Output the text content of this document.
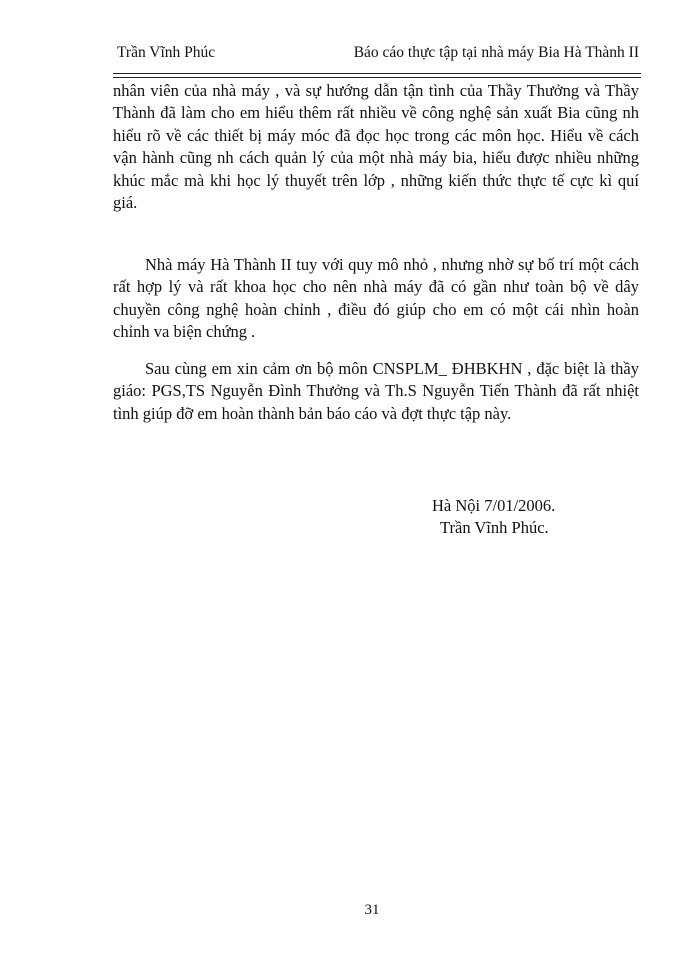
Trần Vĩnh Phúc	Báo cáo thực tập tại nhà máy Bia Hà Thành II

nhân viên của nhà máy , và sự hướng dẫn tận tình của Thầy Thưởng và Thầy Thành đã làm cho em hiểu thêm rất nhiều về công nghệ sản xuất Bia cũng nh hiểu rõ về các thiết bị máy móc đã đọc học trong các môn học. Hiểu về cách vận hành cũng nh cách quản lý của một nhà máy bia, hiểu được nhiều những khúc mắc mà khi học lý thuyết trên lớp , những kiến thức thực tế cực kì quí giá.

Nhà máy Hà Thành II tuy với quy mô nhỏ , nhưng nhờ sự bố trí một cách rất hợp lý và rất khoa học cho nên nhà máy đã có gần như toàn bộ về dây chuyền công nghệ hoàn chỉnh , điều đó giúp cho em có một cái nhìn hoàn chỉnh va biện chứng .

Sau cùng em xin cảm ơn bộ môn CNSPLM_ ĐHBKHN , đặc biệt là thầy giáo: PGS,TS Nguyễn Đình Thưởng và Th.S Nguyễn Tiến Thành đã rất nhiệt tình giúp đỡ em hoàn thành bản báo cáo và đợt thực tập này.

Hà Nội 7/01/2006.
Trần Vĩnh Phúc.
31
